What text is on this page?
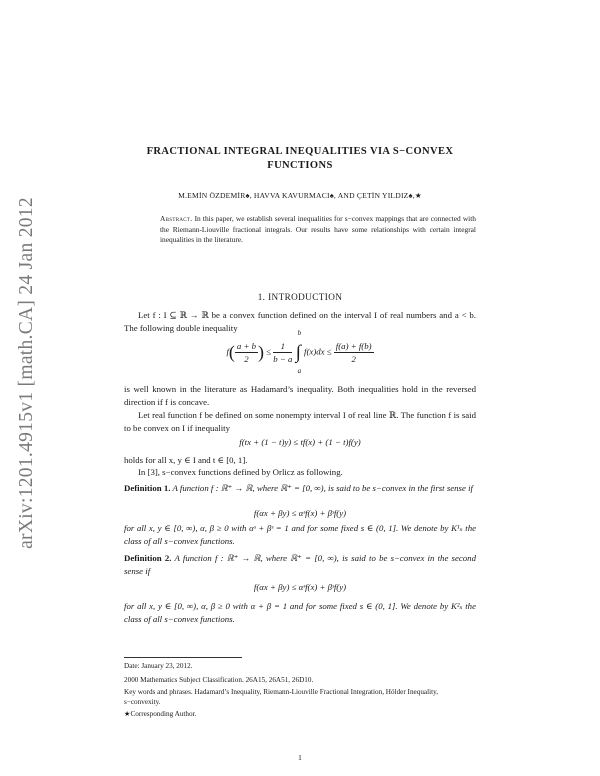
arXiv:1201.4915v1 [math.CA] 24 Jan 2012
FRACTIONAL INTEGRAL INEQUALITIES VIA S−CONVEX
FUNCTIONS
M.EMİN ÖZDEMİR♠, HAVVA KAVURMACI♠, AND ÇETİN YILDIZ♠,★
Abstract. In this paper, we establish several inequalities for s−convex mappings that are connected with the Riemann-Liouville fractional integrals. Our results have some relationships with certain integral inequalities in the literature.
1. INTRODUCTION
Let f : I ⊆ ℝ → ℝ be a convex function defined on the interval I of real numbers and a < b. The following double inequality
$f( \frac{a + b}{2}$ ) ≤ $\frac{1}{b - a}$ ∫
b
a
$f(x)dx \le \frac{f(a) + f(b)}{2}$
is well known in the literature as Hadamard’s inequality. Both inequalities hold in the reversed direction if f is concave.
Let real function f be defined on some nonempty interval I of real line ℝ. The function f is said to be convex on I if inequality
f(tx + (1 − t)y) ≤ tf(x) + (1 − t)f(y)
holds for all x, y ∈ I and t ∈ [0, 1].
In [3], s−convex functions defined by Orlicz as following.
Definition 1. A function f : ℝ⁺ → ℝ, where ℝ⁺ = [0, ∞), is said to be s−convex in the first sense if
f(αx + βy) ≤ αˢf(x) + βˢf(y)
for all x, y ∈ [0, ∞), α, β ≥ 0 with αˢ + βˢ = 1 and for some fixed s ∈ (0, 1]. We denote by K¹ₛ the class of all s−convex functions.
Definition 2. A function f : ℝ⁺ → ℝ, where ℝ⁺ = [0, ∞), is said to be s−convex in the second sense if
f(αx + βy) ≤ αˢf(x) + βˢf(y)
for all x, y ∈ [0, ∞), α, β ≥ 0 with α + β = 1 and for some fixed s ∈ (0, 1]. We denote by K²ₛ the class of all s−convex functions.
Date: January 23, 2012.
2000 Mathematics Subject Classification. 26A15, 26A51, 26D10.
Key words and phrases. Hadamard’s Inequality, Riemann-Liouville Fractional Integration, Hölder Inequality, s−convexity.
★Corresponding Author.
1
